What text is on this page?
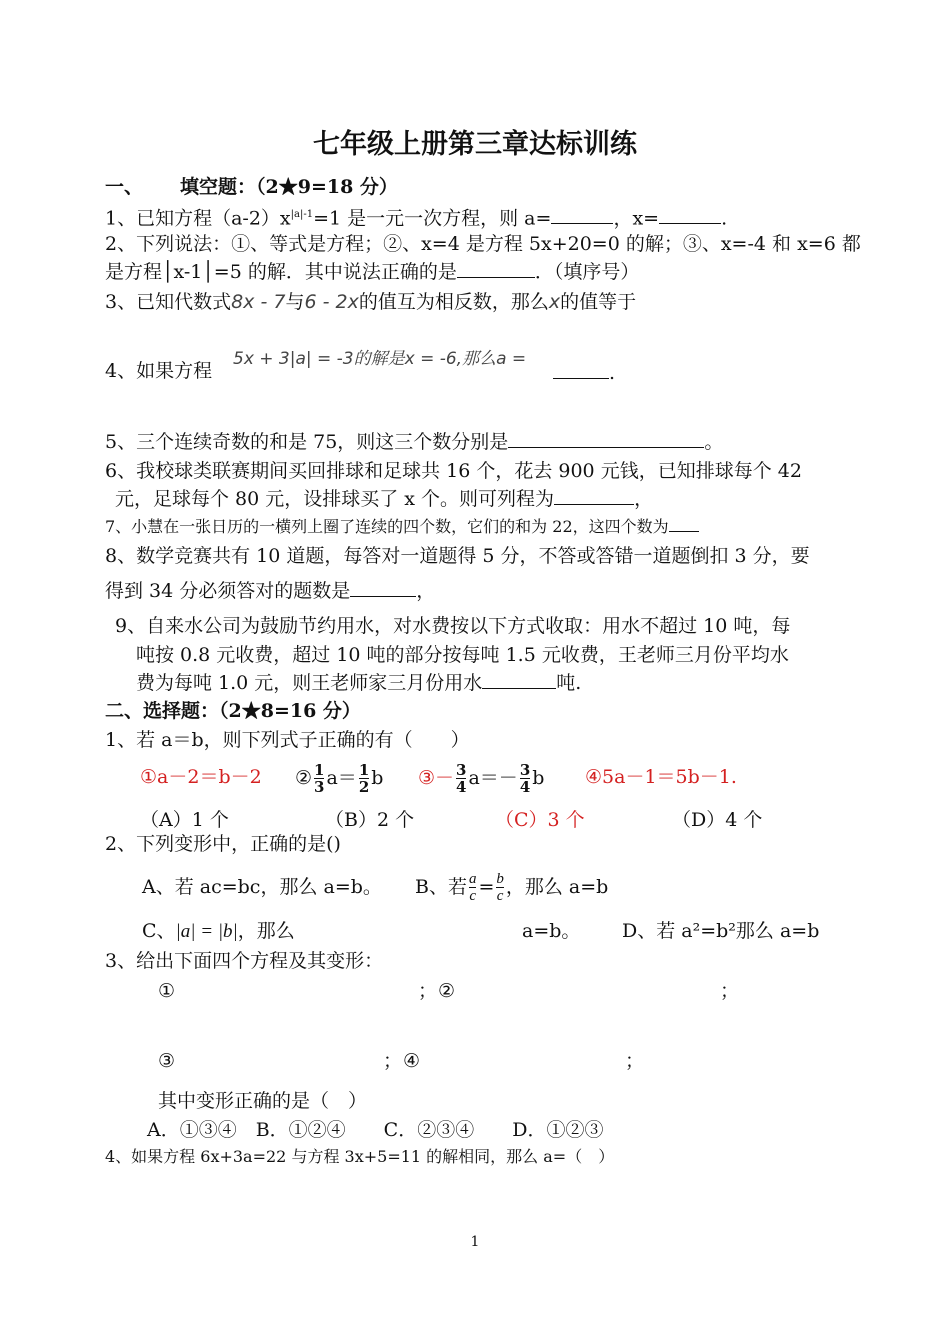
七年级上册第三章达标训练
一、 填空题：（2★9=18 分）
1、已知方程$(a-2)x^{|a|-1}=1$ 是一元一次方程，则 a=	，x=	.
2、下列说法：①、等式是方程；②、x=4 是方程 5x+20=0 的解；③、x=-4 和 x=6 都
是方程│x-1│=5 的解．其中说法正确的是	．（填序号）
3、已知代数式8x - 7与6 - 2x的值互为相反数，那么x的值等于
4、如果方程
5x + 3|a| = -3的解是x = -6,那么a =
.
5、三个连续奇数的和是 75，则这三个数分别是	。
6、我校球类联赛期间买回排球和足球共 16 个，花去 900 元钱，已知排球每个 42
元，足球每个 80 元，设排球买了 x 个。则可列程为	，
7、小慧在一张日历的一横列上圈了连续的四个数，它们的和为 22，这四个数为
8、数学竞赛共有 10 道题，每答对一道题得 5 分，不答或答错一道题倒扣 3 分，要
得到 34 分必须答对的题数是	，
9、自来水公司为鼓励节约用水，对水费按以下方式收取：用水不超过 10 吨，每
吨按 0.8 元收费，超过 10 吨的部分按每吨 1.5 元收费，王老师三月份平均水
费为每吨 1.0 元，则王老师家三月份用水	吨.
二、选择题：（2★8=16 分）
1、若 a＝b，则下列式子正确的有（　　）
①a－2＝b－2 ② $\frac{1}{3} a= \frac{1}{2}$ b ③－ $\frac{3}{4} a=- \frac{3}{4}$ b ④5a－1＝5b－1.
（A）1 个	（B）2 个	（C）3 个	（D）4 个
2、下列变形中，正确的是()
A、若 ac=bc，那么 a=b。 B、若 $\frac{a}{c} = \frac{b}{c}$ ，那么 a=b
C、|a| = |b|，那么	a=b。 D、若 a²=b²那么 a=b
3、给出下面四个方程及其变形：
①	； ②	；
③	； ④	；
其中变形正确的是（　）
A．①③④　B．①②④　　C．②③④　　D．①②③
4、如果方程 6x+3a=22 与方程 3x+5=11 的解相同，那么 a=（　）
1
